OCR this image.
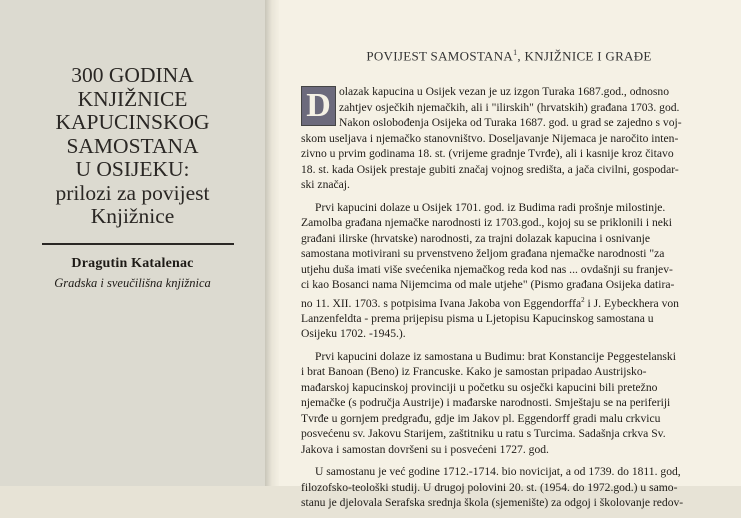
300 GODINA
KNJIŽNICE
KAPUCINSKOG
SAMOSTANA
U OSIJEKU:
prilozi za povijest
Knjižnice
Dragutin Katalenac
Gradska i sveučilišna knjižnica
POVIJEST SAMOSTANA$^1$, KNJIŽNICE I GRAĐE

D olazak kapucina u Osijek vezan je uz izgon Turaka 1687.god., odnosno
zahtjev osječkih njemačkih, ali i "ilirskih" (hrvatskih) građana 1703. god.
Nakon oslobođenja Osijeka od Turaka 1687. god. u grad se zajedno s voj-
skom useljava i njemačko stanovništvo. Doseljavanje Nijemaca je naročito inten-
zivno u prvim godinama 18. st. (vrijeme gradnje Tvrđe), ali i kasnije kroz čitavo
18. st. kada Osijek prestaje gubiti značaj vojnog središta, a jača civilni, gospodar-
ski značaj.

Prvi kapucini dolaze u Osijek 1701. god. iz Budima radi prošnje milostinje.
Zamolba građana njemačke narodnosti iz 1703.god., kojoj su se priklonili i neki
građani ilirske (hrvatske) narodnosti, za trajni dolazak kapucina i osnivanje
samostana motivirani su prvenstveno željom građana njemačke narodnosti "za
utjehu duša imati više svećenika njemačkog reda kod nas ... ovdašnji su franjev-
ci kao Bosanci nama Nijemcima od male utjehe" (Pismo građana Osijeka datira-
no 11. XII. 1703. s potpisima Ivana Jakoba von Eggendorffa$^2$ i J. Eybeckhera von
Lanzenfeldta - prema prijepisu pisma u Ljetopisu Kapucinskog samostana u
Osijeku 1702. -1945.).

Prvi kapucini dolaze iz samostana u Budimu: brat Konstancije Peggestelanski
i brat Banoan (Beno) iz Francuske. Kako je samostan pripadao Austrijsko-
mađarskoj kapucinskoj provinciji u početku su osječki kapucini bili pretežno
njemačke (s područja Austrije) i mađarske narodnosti. Smještaju se na periferiji
Tvrđe u gornjem predgrađu, gdje im Jakov pl. Eggendorff gradi malu crkvicu
posvećenu sv. Jakovu Starijem, zaštitniku u ratu s Turcima. Sadašnja crkva Sv.
Jakova i samostan dovršeni su i posvećeni 1727. god.

U samostanu je već godine 1712.-1714. bio novicijat, a od 1739. do 1811. god,
filozofsko-teološki studij. U drugoj polovini 20. st. (1954. do 1972.god.) u samo-
stanu je djelovala Serafska srednja škola (sjemenište) za odgoj i školovanje redov-
